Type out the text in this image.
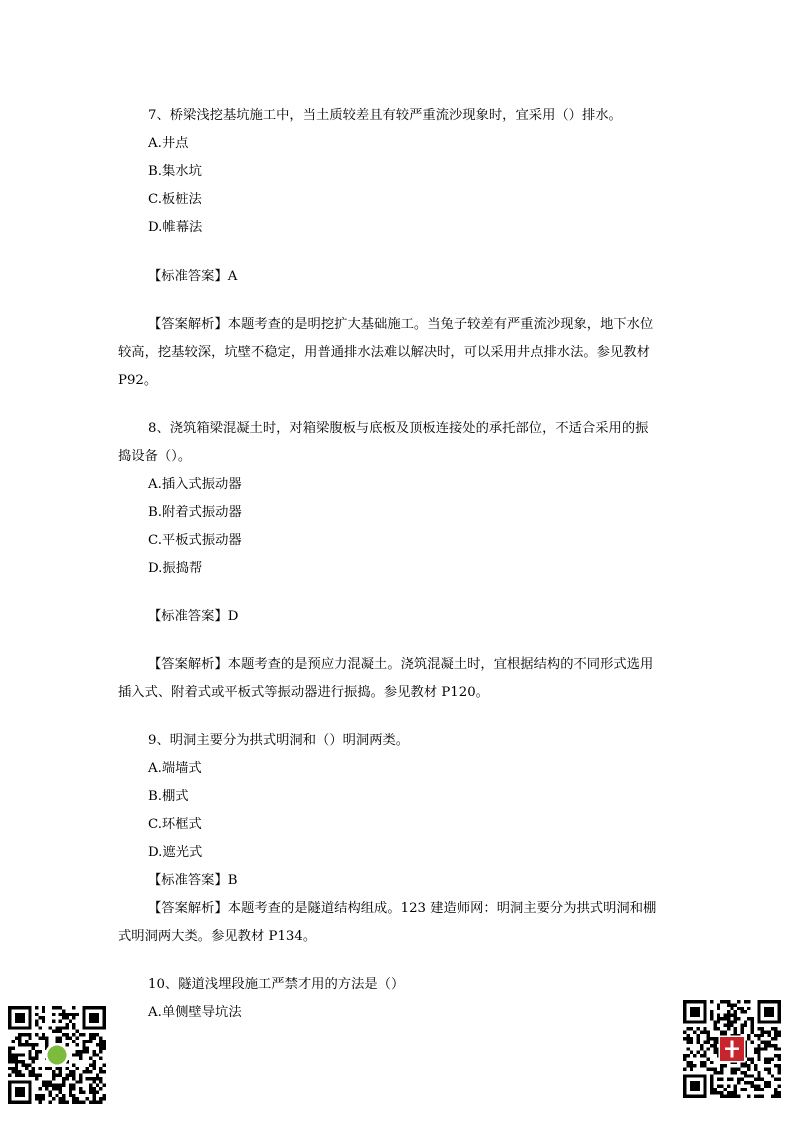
7、桥梁浅挖基坑施工中，当土质较差且有较严重流沙现象时，宜采用（）排水。
A.井点
B.集水坑
C.板桩法
D.帷幕法
【标准答案】A
【答案解析】本题考查的是明挖扩大基础施工。当兔子较差有严重流沙现象，地下水位
较高，挖基较深，坑壁不稳定，用普通排水法难以解决时，可以采用井点排水法。参见教材
P92。
8、浇筑箱梁混凝土时，对箱梁腹板与底板及顶板连接处的承托部位，不适合采用的振
捣设备（）。
A.插入式振动器
B.附着式振动器
C.平板式振动器
D.振捣帮
【标准答案】D
【答案解析】本题考查的是预应力混凝土。浇筑混凝土时，宜根据结构的不同形式选用
插入式、附着式或平板式等振动器进行振捣。参见教材 P120。
9、明洞主要分为拱式明洞和（）明洞两类。
A.端墙式
B.棚式
C.环框式
D.遮光式
【标准答案】B
【答案解析】本题考查的是隧道结构组成。123 建造师网：明洞主要分为拱式明洞和棚
式明洞两大类。参见教材 P134。
10、隧道浅埋段施工严禁才用的方法是（）
A.单侧壁导坑法
